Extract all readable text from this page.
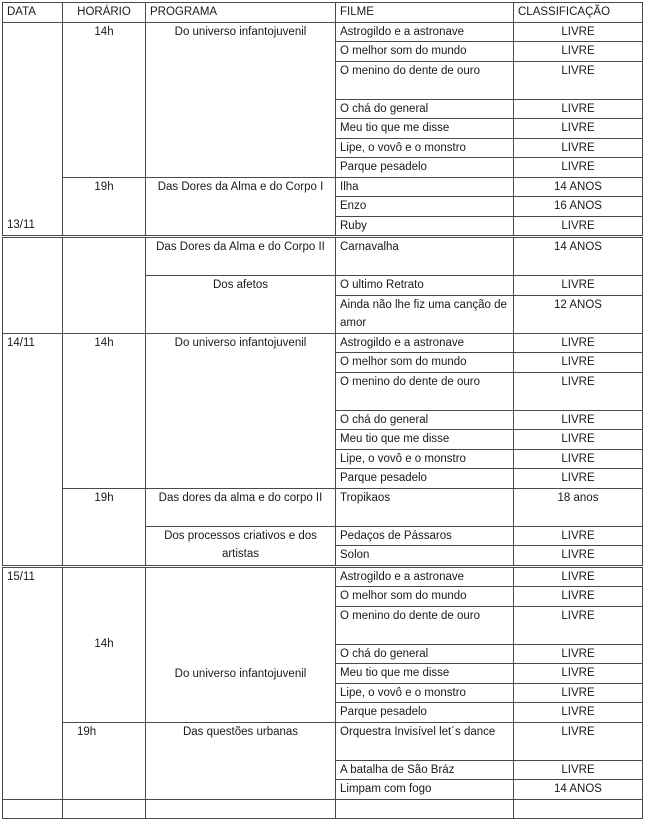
DATA	HORÁRIO	PROGRAMA	FILME	CLASSIFICAÇÃO
13/11	14h	Do universo infantojuvenil	Astrogildo e a astronave	LIVRE
			O melhor som do mundo	LIVRE
			O menino do dente de ouro	LIVRE
			O chá do general	LIVRE
			Meu tio que me disse	LIVRE
			Lipe, o vovô e o monstro	LIVRE
			Parque pesadelo	LIVRE
	19h	Das Dores da Alma e do Corpo I	Ilha	14 ANOS
			Enzo	16 ANOS
			Ruby	LIVRE
		Das Dores da Alma e do Corpo II	Carnavalha	14 ANOS
		Dos afetos	O ultimo Retrato	LIVRE
			Ainda não lhe fiz uma canção de amor	12 ANOS
14/11	14h	Do universo infantojuvenil	Astrogildo e a astronave	LIVRE
			O melhor som do mundo	LIVRE
			O menino do dente de ouro	LIVRE
			O chá do general	LIVRE
			Meu tio que me disse	LIVRE
			Lipe, o vovô e o monstro	LIVRE
			Parque pesadelo	LIVRE
	19h	Das dores da alma e do corpo II	Tropikaos	18 anos
		Dos processos criativos e dos artistas	Pedaços de Pássaros	LIVRE
			Solon	LIVRE
15/11	14h	Do universo infantojuvenil	Astrogildo e a astronave	LIVRE
			O melhor som do mundo	LIVRE
			O menino do dente de ouro	LIVRE
			O chá do general	LIVRE
			Meu tio que me disse	LIVRE
			Lipe, o vovô e o monstro	LIVRE
			Parque pesadelo	LIVRE
	19h	Das questões urbanas	Orquestra Invisível let´s dance	LIVRE
			A batalha de São Bráz	LIVRE
			Limpam com fogo	14 ANOS
